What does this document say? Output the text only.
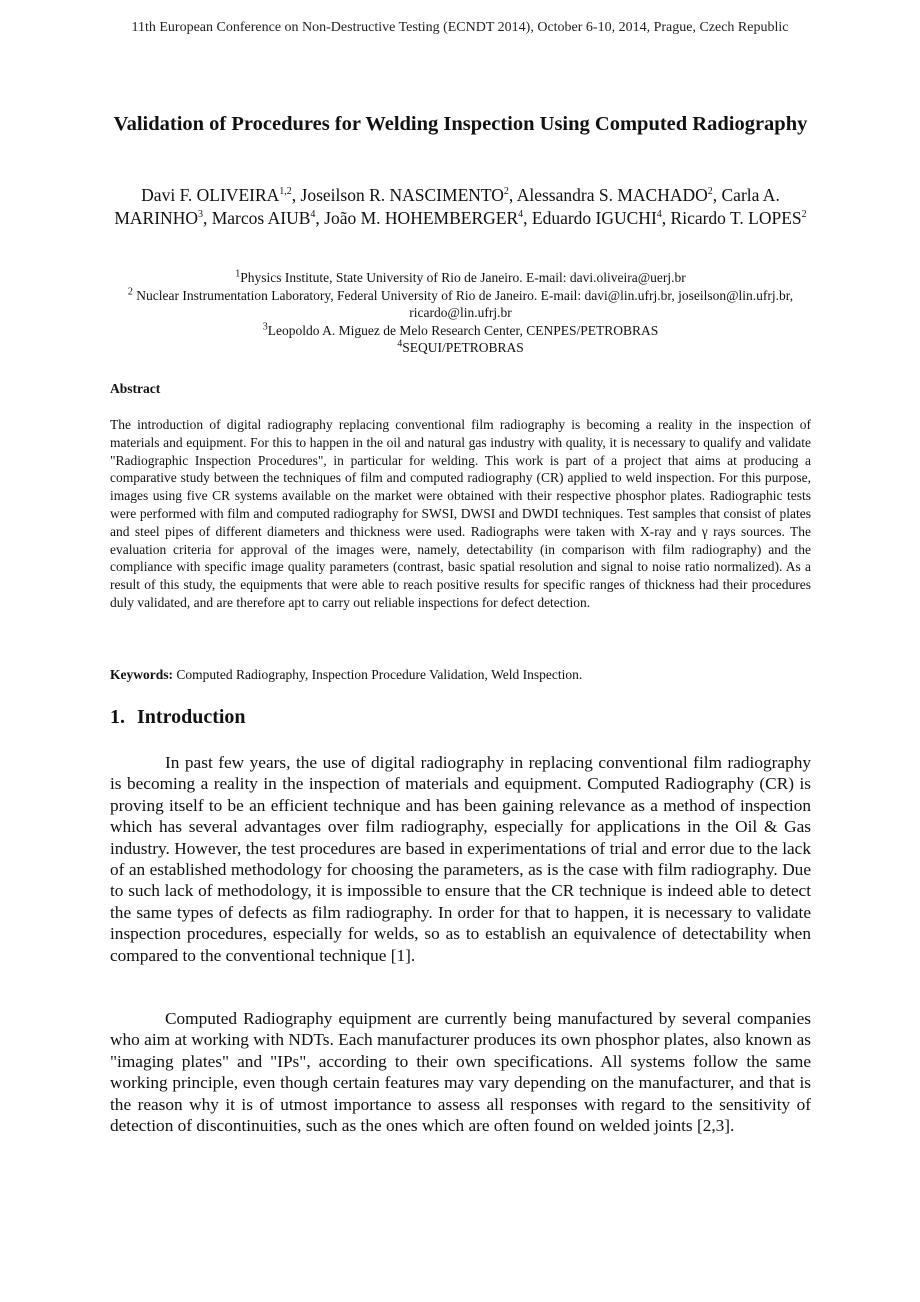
11th European Conference on Non-Destructive Testing (ECNDT 2014), October 6-10, 2014, Prague, Czech Republic
Validation of Procedures for Welding Inspection Using Computed Radiography
Davi F. OLIVEIRA$^{1,2}$, Joseilson R. NASCIMENTO$^2$, Alessandra S. MACHADO$^2$, Carla A. MARINHO$^3$, Marcos AIUB$^4$, João M. HOHEMBERGER$^4$, Eduardo IGUCHI$^4$, Ricardo T. LOPES$^2$
$^1$Physics Institute, State University of Rio de Janeiro. E-mail: davi.oliveira@uerj.br
$^2$ Nuclear Instrumentation Laboratory, Federal University of Rio de Janeiro. E-mail: davi@lin.ufrj.br, joseilson@lin.ufrj.br, ricardo@lin.ufrj.br
$^3$Leopoldo A. Miguez de Melo Research Center, CENPES/PETROBRAS
$^4$SEQUI/PETROBRAS
Abstract
The introduction of digital radiography replacing conventional film radiography is becoming a reality in the inspection of materials and equipment. For this to happen in the oil and natural gas industry with quality, it is necessary to qualify and validate "Radiographic Inspection Procedures", in particular for welding. This work is part of a project that aims at producing a comparative study between the techniques of film and computed radiography (CR) applied to weld inspection. For this purpose, images using five CR systems available on the market were obtained with their respective phosphor plates. Radiographic tests were performed with film and computed radiography for SWSI, DWSI and DWDI techniques. Test samples that consist of plates and steel pipes of different diameters and thickness were used. Radiographs were taken with X-ray and γ rays sources. The evaluation criteria for approval of the images were, namely, detectability (in comparison with film radiography) and the compliance with specific image quality parameters (contrast, basic spatial resolution and signal to noise ratio normalized). As a result of this study, the equipments that were able to reach positive results for specific ranges of thickness had their procedures duly validated, and are therefore apt to carry out reliable inspections for defect detection.
Keywords: Computed Radiography, Inspection Procedure Validation, Weld Inspection.
1. Introduction
In past few years, the use of digital radiography in replacing conventional film radiography is becoming a reality in the inspection of materials and equipment. Computed Radiography (CR) is proving itself to be an efficient technique and has been gaining relevance as a method of inspection which has several advantages over film radiography, especially for applications in the Oil & Gas industry. However, the test procedures are based in experimentations of trial and error due to the lack of an established methodology for choosing the parameters, as is the case with film radiography. Due to such lack of methodology, it is impossible to ensure that the CR technique is indeed able to detect the same types of defects as film radiography. In order for that to happen, it is necessary to validate inspection procedures, especially for welds, so as to establish an equivalence of detectability when compared to the conventional technique [1].
Computed Radiography equipment are currently being manufactured by several companies who aim at working with NDTs. Each manufacturer produces its own phosphor plates, also known as "imaging plates" and "IPs", according to their own specifications. All systems follow the same working principle, even though certain features may vary depending on the manufacturer, and that is the reason why it is of utmost importance to assess all responses with regard to the sensitivity of detection of discontinuities, such as the ones which are often found on welded joints [2,3].
